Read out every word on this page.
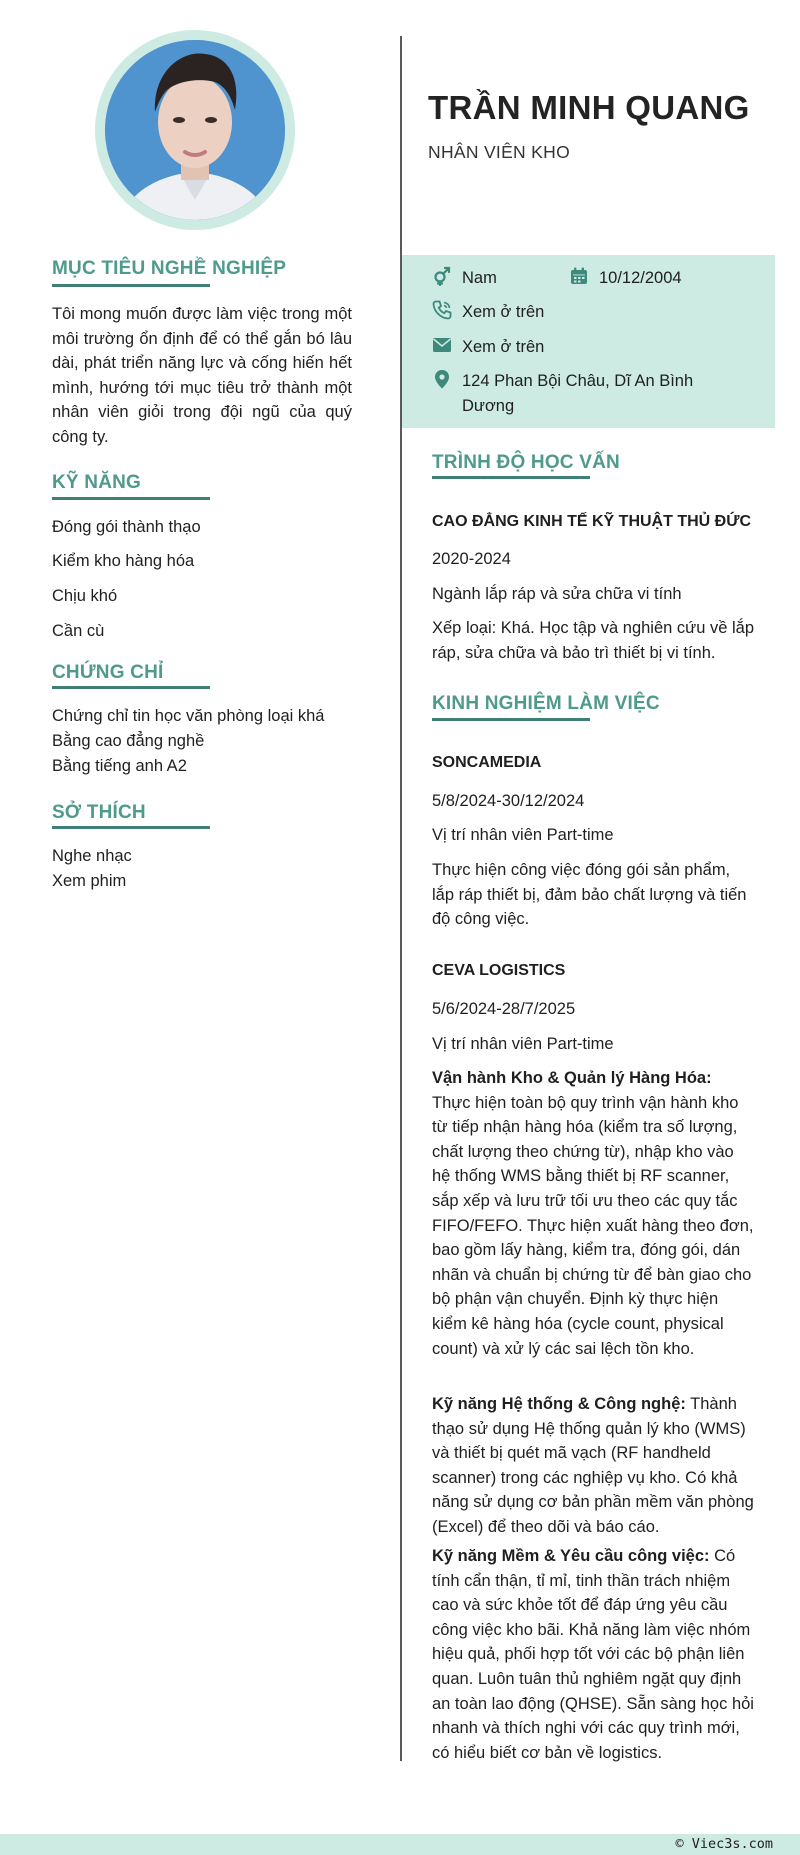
MỤC TIÊU NGHỀ NGHIỆP
Tôi mong muốn được làm việc trong một môi trường ổn định để có thể gắn bó lâu dài, phát triển năng lực và cống hiến hết mình, hướng tới mục tiêu trở thành một nhân viên giỏi trong đội ngũ của quý công ty.
KỸ NĂNG
Đóng gói thành thạo
Kiểm kho hàng hóa
Chịu khó
Cần cù
CHỨNG CHỈ
Chứng chỉ tin học văn phòng loại khá
Bằng cao đẳng nghề
Bằng tiếng anh A2
SỞ THÍCH
Nghe nhạc
Xem phim
TRẦN MINH QUANG
NHÂN VIÊN KHO
Nam	10/12/2004
Xem ở trên
Xem ở trên
124 Phan Bội Châu, Dĩ An Bình
Dương
TRÌNH ĐỘ HỌC VẤN
CAO ĐẲNG KINH TẾ KỸ THUẬT THỦ ĐỨC
2020-2024
Ngành lắp ráp và sửa chữa vi tính
Xếp loại: Khá. Học tập và nghiên cứu về lắp ráp, sửa chữa và bảo trì thiết bị vi tính.
KINH NGHIỆM LÀM VIỆC
SONCAMEDIA
5/8/2024-30/12/2024
Vị trí nhân viên Part-time
Thực hiện công việc đóng gói sản phẩm, lắp ráp thiết bị, đảm bảo chất lượng và tiến độ công việc.
CEVA LOGISTICS
5/6/2024-28/7/2025
Vị trí nhân viên Part-time
Vận hành Kho & Quản lý Hàng Hóa: Thực hiện toàn bộ quy trình vận hành kho từ tiếp nhận hàng hóa (kiểm tra số lượng, chất lượng theo chứng từ), nhập kho vào hệ thống WMS bằng thiết bị RF scanner, sắp xếp và lưu trữ tối ưu theo các quy tắc FIFO/FEFO. Thực hiện xuất hàng theo đơn, bao gồm lấy hàng, kiểm tra, đóng gói, dán nhãn và chuẩn bị chứng từ để bàn giao cho bộ phận vận chuyển. Định kỳ thực hiện kiểm kê hàng hóa (cycle count, physical count) và xử lý các sai lệch tồn kho.
Kỹ năng Hệ thống & Công nghệ: Thành thạo sử dụng Hệ thống quản lý kho (WMS) và thiết bị quét mã vạch (RF handheld scanner) trong các nghiệp vụ kho. Có khả năng sử dụng cơ bản phần mềm văn phòng (Excel) để theo dõi và báo cáo.
Kỹ năng Mềm & Yêu cầu công việc: Có tính cẩn thận, tỉ mỉ, tinh thần trách nhiệm cao và sức khỏe tốt để đáp ứng yêu cầu công việc kho bãi. Khả năng làm việc nhóm hiệu quả, phối hợp tốt với các bộ phận liên quan. Luôn tuân thủ nghiêm ngặt quy định an toàn lao động (QHSE). Sẵn sàng học hỏi nhanh và thích nghi với các quy trình mới, có hiểu biết cơ bản về logistics.
© Viec3s.com
